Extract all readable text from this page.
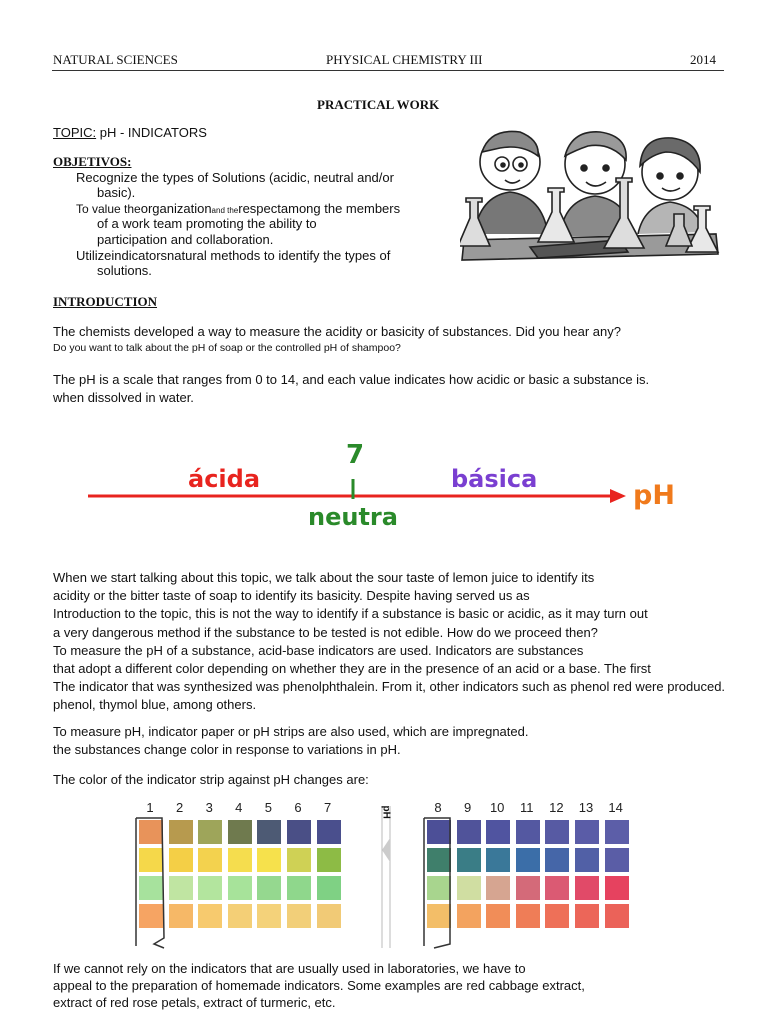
NATURAL SCIENCES	PHYSICAL CHEMISTRY III	2014
PRACTICAL WORK
TOPIC: pH - INDICATORS
OBJETIVOS:
Recognize the types of Solutions (acidic, neutral and/or
basic).
To value theorganizationand therespectamong the members
of a work team promoting the ability to
participation and collaboration.
Utilizeindicatorsnatural methods to identify the types of
solutions.
INTRODUCTION
The chemists developed a way to measure the acidity or basicity of substances. Did you hear any?
Do you want to talk about the pH of soap or the controlled pH of shampoo?
The pH is a scale that ranges from 0 to 14, and each value indicates how acidic or basic a substance is.
when dissolved in water.
ácida
7
básica
neutra
pH
When we start talking about this topic, we talk about the sour taste of lemon juice to identify its
acidity or the bitter taste of soap to identify its basicity. Despite having served us as
Introduction to the topic, this is not the way to identify if a substance is basic or acidic, as it may turn out
a very dangerous method if the substance to be tested is not edible. How do we proceed then?
To measure the pH of a substance, acid-base indicators are used. Indicators are substances
that adopt a different color depending on whether they are in the presence of an acid or a base. The first
The indicator that was synthesized was phenolphthalein. From it, other indicators such as phenol red were produced.
phenol, thymol blue, among others.
To measure pH, indicator paper or pH strips are also used, which are impregnated.
the substances change color in response to variations in pH.
The color of the indicator strip against pH changes are:
1	2	3	4	5	6	7	8	9	10 11 12 13 14
pH
If we cannot rely on the indicators that are usually used in laboratories, we have to
appeal to the preparation of homemade indicators. Some examples are red cabbage extract,
extract of red rose petals, extract of turmeric, etc.
